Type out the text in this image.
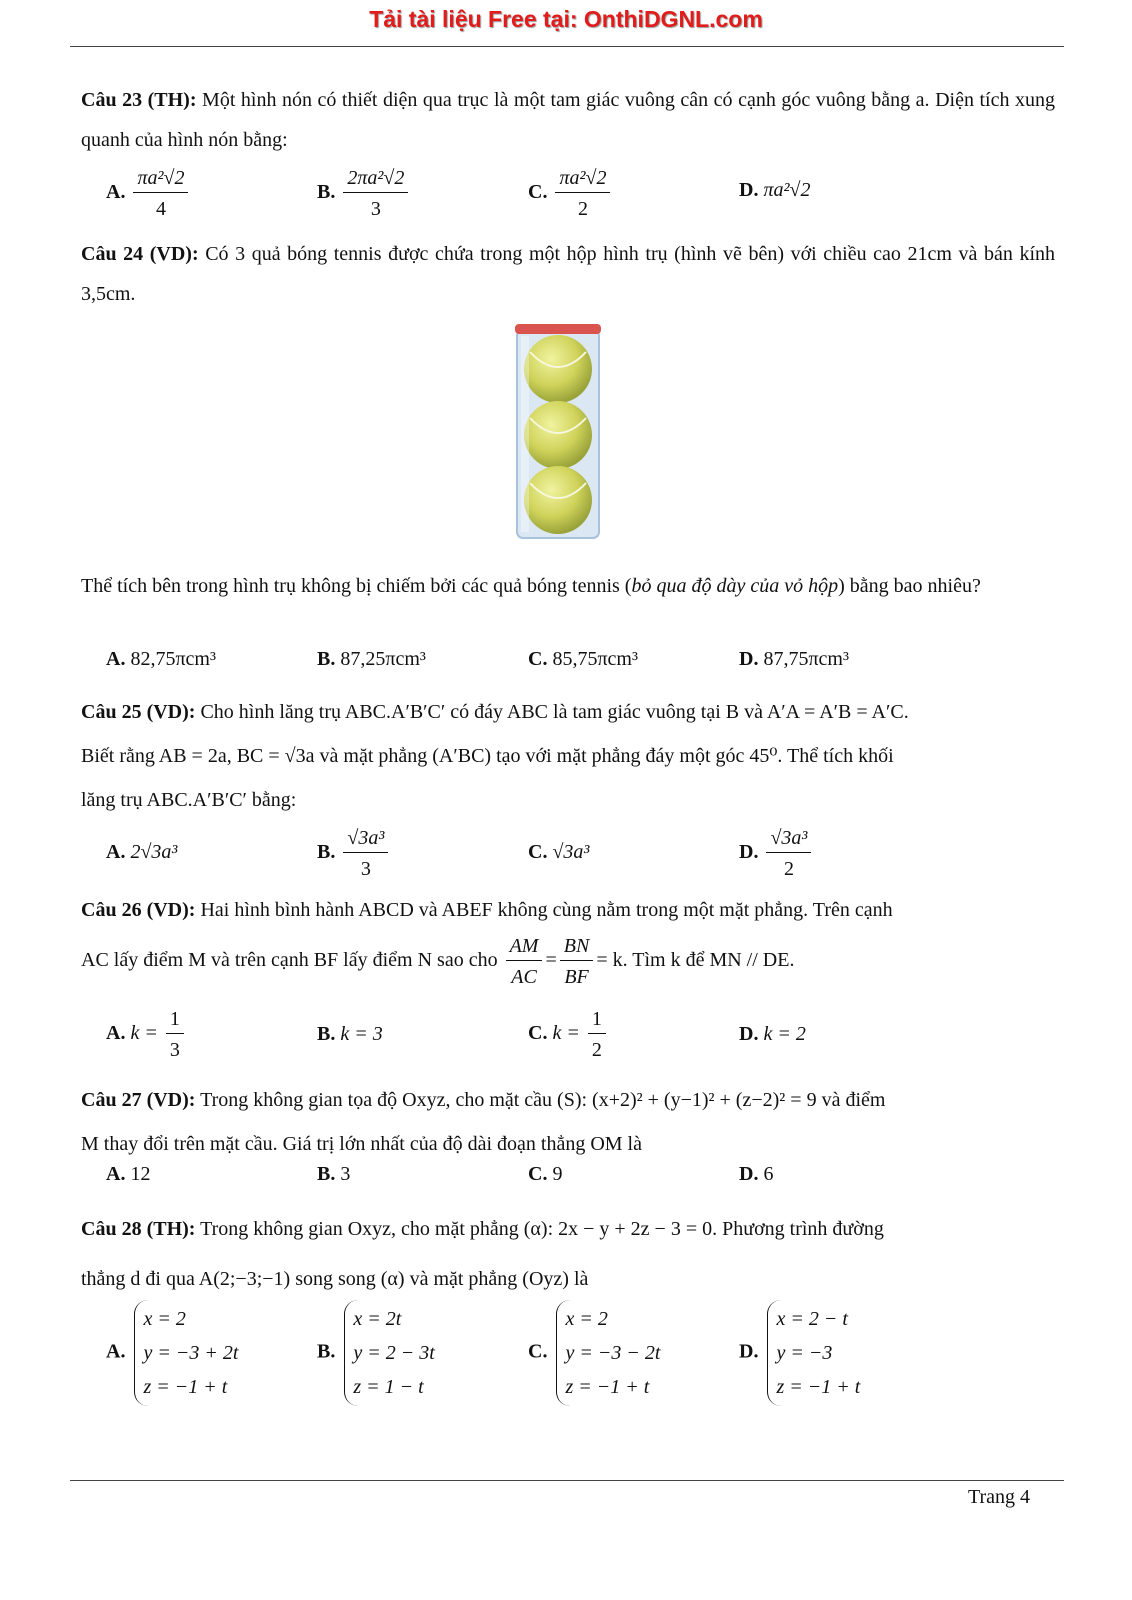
Tải tài liệu Free tại: OnthiDGNL.com
Câu 23 (TH): Một hình nón có thiết diện qua trục là một tam giác vuông cân có cạnh góc vuông bằng a. Diện tích xung quanh của hình nón bằng:
A. $\frac{\text{πa²√2}}{4}$	B. $\frac{\text{2πa²√2}}{3}$	C. $\frac{\text{πa²√2}}{2}$	D. πa²√2
Câu 24 (VD): Có 3 quả bóng tennis được chứa trong một hộp hình trụ (hình vẽ bên) với chiều cao 21cm và bán kính 3,5cm.
Thể tích bên trong hình trụ không bị chiếm bởi các quả bóng tennis (bỏ qua độ dày của vỏ hộp) bằng bao nhiêu?
A. 82,75πcm³	B. 87,25πcm³	C. 85,75πcm³	D. 87,75πcm³
Câu 25 (VD): Cho hình lăng trụ ABC.A′B′C′ có đáy ABC là tam giác vuông tại B và A′A = A′B = A′C.
Biết rằng AB = 2a, BC = √3a và mặt phẳng (A′BC) tạo với mặt phẳng đáy một góc 45⁰. Thể tích khối
lăng trụ ABC.A′B′C′ bằng:
A. 2√3a³	B. $\frac{\text{√3a³}}{3}$	C. √3a³	D. $\frac{\text{√3a³}}{2}$
Câu 26 (VD): Hai hình bình hành ABCD và ABEF không cùng nằm trong một mặt phẳng. Trên cạnh
AC lấy điểm M và trên cạnh BF lấy điểm N sao cho $\frac{AM}{AC} = \frac{BN}{BF} = k$. Tìm k để MN // DE.
A. $k = \frac{1}{3}$	B. k = 3	C. $k = \frac{1}{2}$	D. k = 2
Câu 27 (VD): Trong không gian tọa độ Oxyz, cho mặt cầu (S): (x+2)² + (y−1)² + (z−2)² = 9 và điểm
M thay đổi trên mặt cầu. Giá trị lớn nhất của độ dài đoạn thẳng OM là
A. 12	B. 3	C. 9	D. 6
Câu 28 (TH): Trong không gian Oxyz, cho mặt phẳng (α): 2x − y + 2z − 3 = 0. Phương trình đường
thẳng d đi qua A(2;−3;−1) song song (α) và mặt phẳng (Oyz) là
A.
x = 2
y = −3 + 2t
z = −1 + t
B.
x = 2t
y = 2 − 3t
z = 1 − t
C.
x = 2
y = −3 − 2t
z = −1 + t
D.
x = 2 − t
y = −3
z = −1 + t
Trang 4
